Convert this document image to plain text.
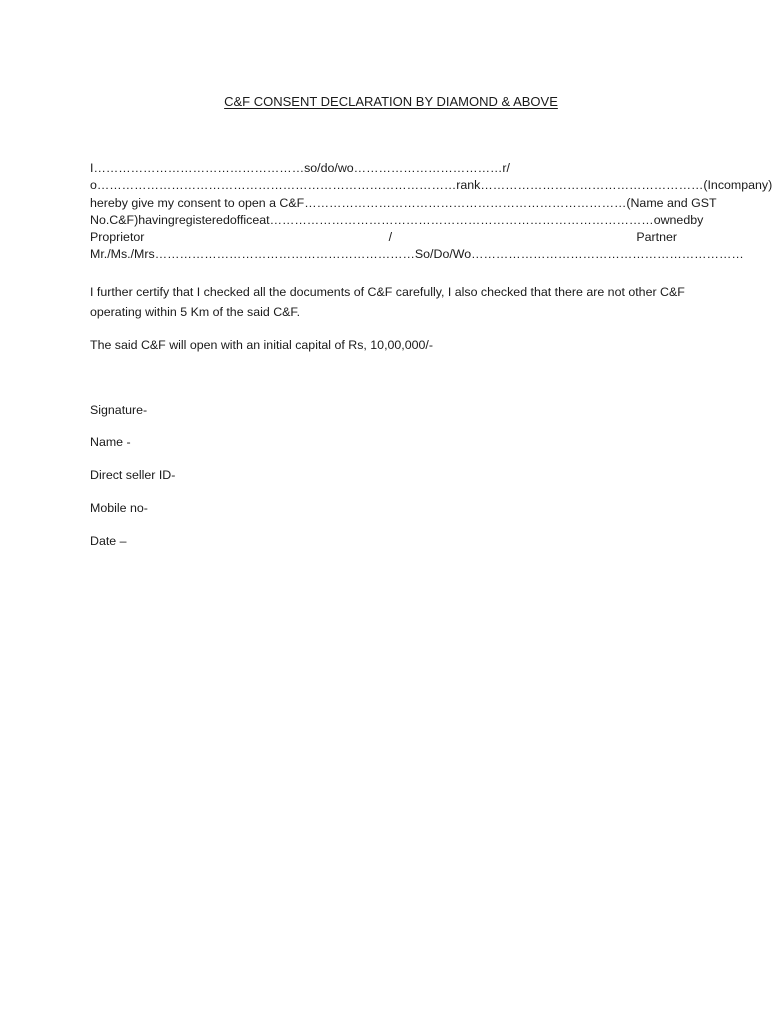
C&F CONSENT DECLARATION BY DIAMOND & ABOVE
I……………………………………………so/do/wo………………………………r/
o……………………………………………………………………………rank………………………………………………(In company)
hereby give my consent to open a C&F……………………………………………………………………(Name and GST
No. C&F) having registered office at…………………………………………………………………………………owned by
Proprietor	/	Partner
Mr./Ms./Mrs………………………………………………………So/Do/Wo…………………………………………………………
I further certify that I checked all the documents of C&F carefully, I also checked that there are not other C&F operating within 5 Km of the said C&F.
The said C&F will open with an initial capital of Rs, 10,00,000/-
Signature-
Name -
Direct seller ID-
Mobile no-
Date –
